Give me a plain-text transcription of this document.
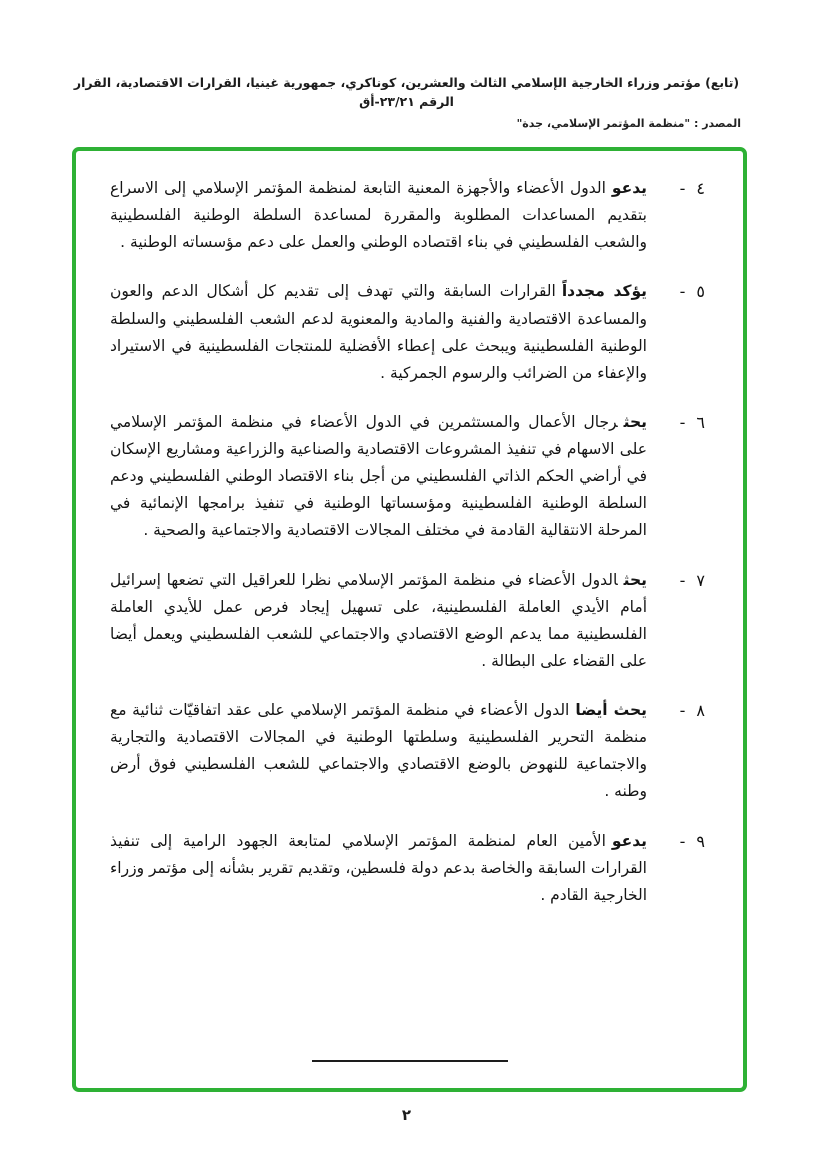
(تابع) مؤتمر وزراء الخارجية الإسلامي الثالث والعشرين، كوناكري، جمهورية غينيا، القرارات الاقتصادية، القرار الرقم ٢٣/٢١-أق
المصدر : "منظمة المؤتمر الإسلامي، جدة"
٤
-
يدعوالدول الأعضاء والأجهزة المعنية التابعة لمنظمة المؤتمر الإسلامي إلى الاسراع بتقديم المساعدات المطلوبة والمقررة لمساعدة السلطة الوطنية الفلسطينية والشعب الفلسطيني في بناء اقتصاده الوطني والعمل على دعم مؤسساته الوطنية .
٥
-
يؤكد مجدداًالقرارات السابقة والتي تهدف إلى تقديم كل أشكال الدعم والعون والمساعدة الاقتصادية والفنية والمادية والمعنوية لدعم الشعب الفلسطيني والسلطة الوطنية الفلسطينية ويبحث على إعطاء الأفضلية للمنتجات الفلسطينية في الاستيراد والإعفاء من الضرائب والرسوم الجمركية .
٦
-
يحثرجال الأعمال والمستثمرين في الدول الأعضاء في منظمة المؤتمر الإسلامي على الاسهام في تنفيذ المشروعات الاقتصادية والصناعية والزراعية ومشاريع الإسكان في أراضي الحكم الذاتي الفلسطيني من أجل بناء الاقتصاد الوطني الفلسطيني ودعم السلطة الوطنية الفلسطينية ومؤسساتها الوطنية في تنفيذ برامجها الإنمائية في المرحلة الانتقالية القادمة في مختلف المجالات الاقتصادية والاجتماعية والصحية .
٧
-
يحثالدول الأعضاء في منظمة المؤتمر الإسلامي نظرا للعراقيل التي تضعها إسرائيل أمام الأيدي العاملة الفلسطينية، على تسهيل إيجاد فرص عمل للأيدي العاملة الفلسطينية مما يدعم الوضع الاقتصادي والاجتماعي للشعب الفلسطيني ويعمل أيضا على القضاء على البطالة .
٨
-
يحث أيضاالدول الأعضاء في منظمة المؤتمر الإسلامي على عقد اتفاقيّات ثنائية مع منظمة التحرير الفلسطينية وسلطتها الوطنية في المجالات الاقتصادية والتجارية والاجتماعية للنهوض بالوضع الاقتصادي والاجتماعي للشعب الفلسطيني فوق أرض وطنه .
٩
-
يدعوالأمين العام لمنظمة المؤتمر الإسلامي لمتابعة الجهود الرامية إلى تنفيذ القرارات السابقة والخاصة بدعم دولة فلسطين، وتقديم تقرير بشأنه إلى مؤتمر وزراء الخارجية القادم .
٢
